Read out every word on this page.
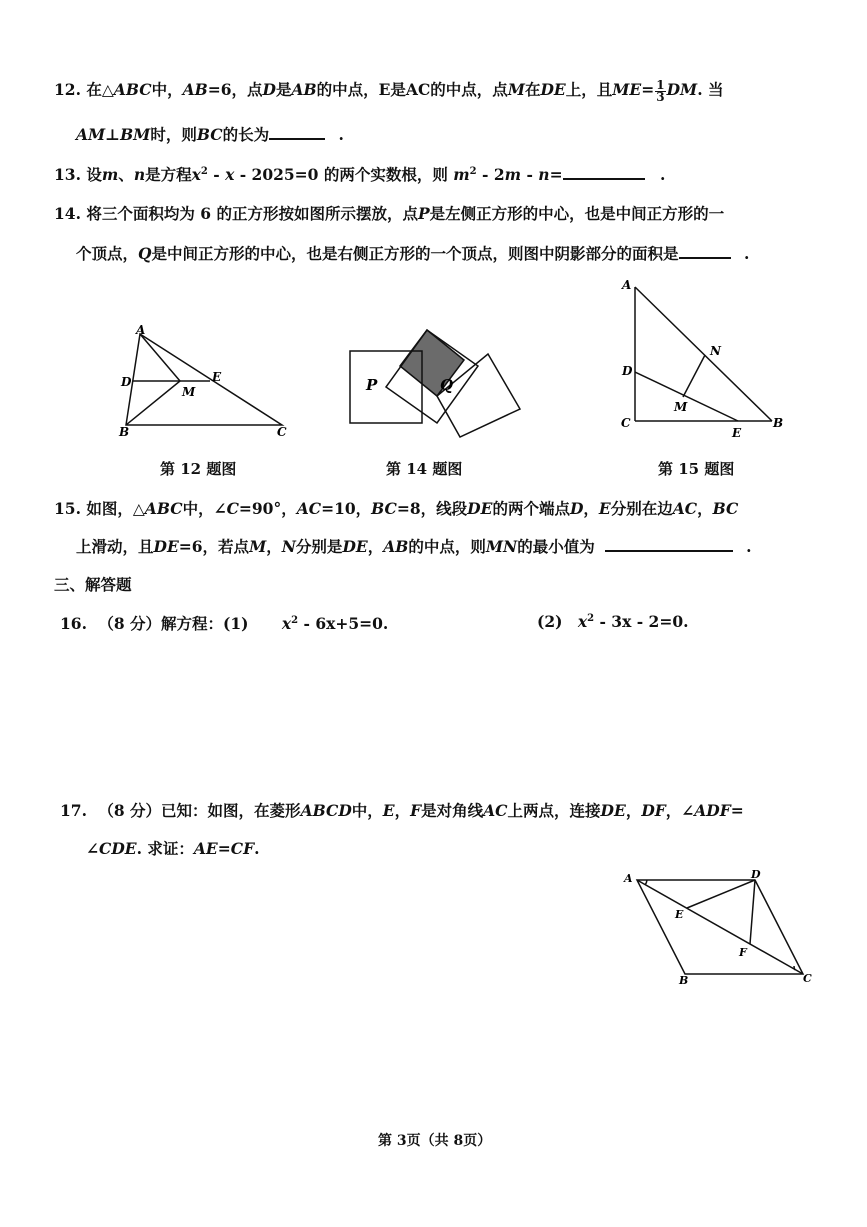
12. 在△ABC中，AB=6，点D是AB的中点，E是AC的中点，点M在DE上，且$ME= \frac{1}{3}$ DM. 当
AM⊥BM时，则BC的长为	.
13. 设m、n是方程$x^2 - x - 2025=0$ 的两个实数根，则 $m^2 - 2m - n=$	.
14. 将三个面积均为 6 的正方形按如图所示摆放，点P是左侧正方形的中心，也是中间正方形的一
个顶点，Q是中间正方形的中心，也是右侧正方形的一个顶点，则图中阴影部分的面积是	.
A
D	E
M
B	C
第 12 题图
P	Q
第 14 题图
A
N
D
M
C
E
B
第 15 题图
15. 如图，△ABC中，∠C=90°，AC=10，BC=8，线段DE的两个端点D，E分别在边AC，BC
上滑动，且DE=6，若点M，N分别是DE，AB的中点，则MN的最小值为	.
三、解答题
16. （8 分）解方程：(1) $x^2 - 6x+5=0$.	(2) $x^2 - 3x - 2=0$.
17. （8 分）已知：如图，在菱形ABCD中，E，F是对角线AC上两点，连接DE，DF，∠ADF=
∠CDE. 求证：AE=CF.
A	D
E
F
B	C
第 3页（共 8页）
